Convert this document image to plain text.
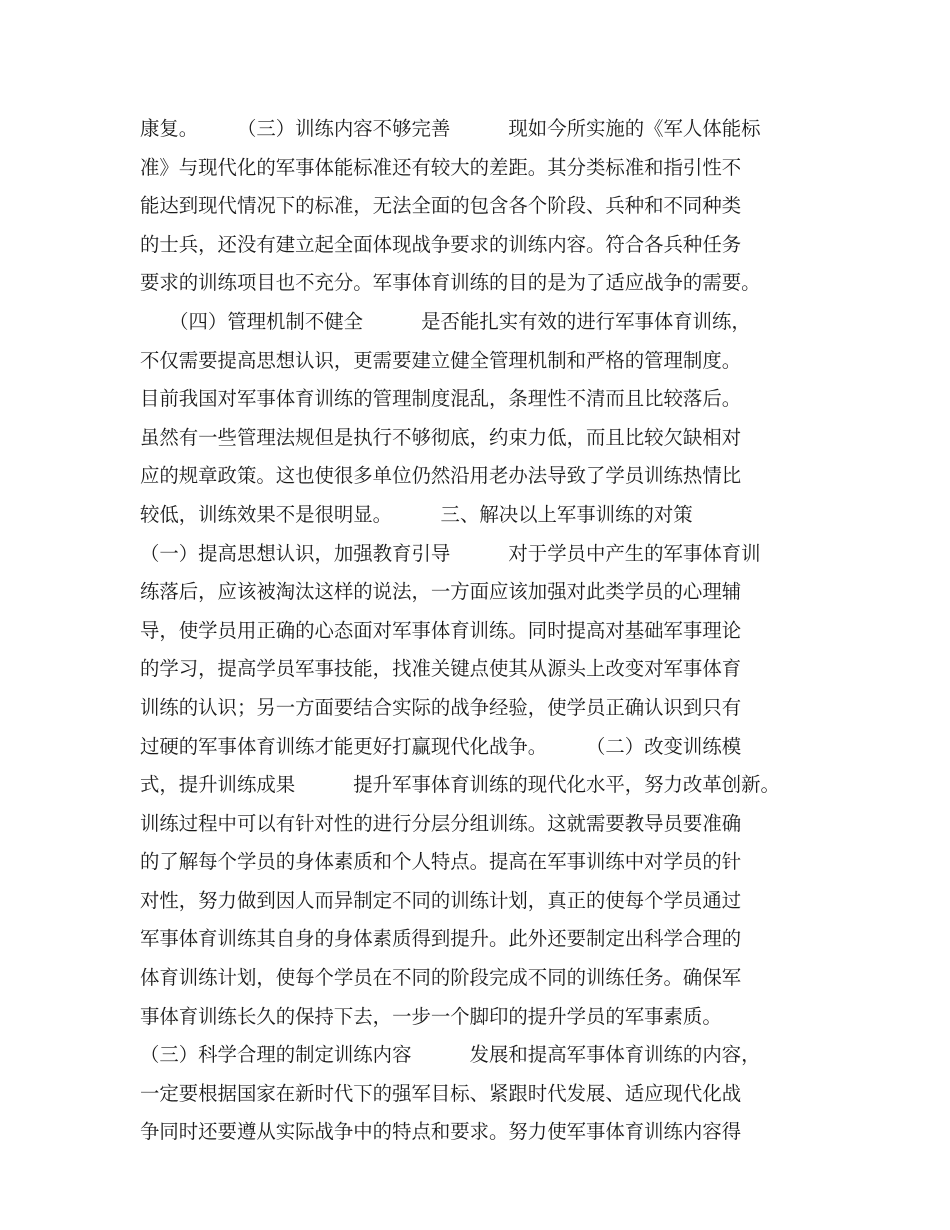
康复。　　　（三）训练内容不够完善　　　现如今所实施的《军人体能标
准》与现代化的军事体能标准还有较大的差距。其分类标准和指引性不
能达到现代情况下的标准，无法全面的包含各个阶段、兵种和不同种类
的士兵，还没有建立起全面体现战争要求的训练内容。符合各兵种任务
要求的训练项目也不充分。军事体育训练的目的是为了适应战争的需要。
　　（四）管理机制不健全　　　是否能扎实有效的进行军事体育训练，
不仅需要提高思想认识，更需要建立健全管理机制和严格的管理制度。
目前我国对军事体育训练的管理制度混乱，条理性不清而且比较落后。
虽然有一些管理法规但是执行不够彻底，约束力低，而且比较欠缺相对
应的规章政策。这也使很多单位仍然沿用老办法导致了学员训练热情比
较低，训练效果不是很明显。　　　三、解决以上军事训练的对策
（一）提高思想认识，加强教育引导　　　对于学员中产生的军事体育训
练落后，应该被淘汰这样的说法，一方面应该加强对此类学员的心理辅
导，使学员用正确的心态面对军事体育训练。同时提高对基础军事理论
的学习，提高学员军事技能，找准关键点使其从源头上改变对军事体育
训练的认识；另一方面要结合实际的战争经验，使学员正确认识到只有
过硬的军事体育训练才能更好打赢现代化战争。　　　（二）改变训练模
式，提升训练成果　　　提升军事体育训练的现代化水平，努力改革创新。
训练过程中可以有针对性的进行分层分组训练。这就需要教导员要准确
的了解每个学员的身体素质和个人特点。提高在军事训练中对学员的针
对性，努力做到因人而异制定不同的训练计划，真正的使每个学员通过
军事体育训练其自身的身体素质得到提升。此外还要制定出科学合理的
体育训练计划，使每个学员在不同的阶段完成不同的训练任务。确保军
事体育训练长久的保持下去，一步一个脚印的提升学员的军事素质。
（三）科学合理的制定训练内容　　　发展和提高军事体育训练的内容，
一定要根据国家在新时代下的强军目标、紧跟时代发展、适应现代化战
争同时还要遵从实际战争中的特点和要求。努力使军事体育训练内容得
